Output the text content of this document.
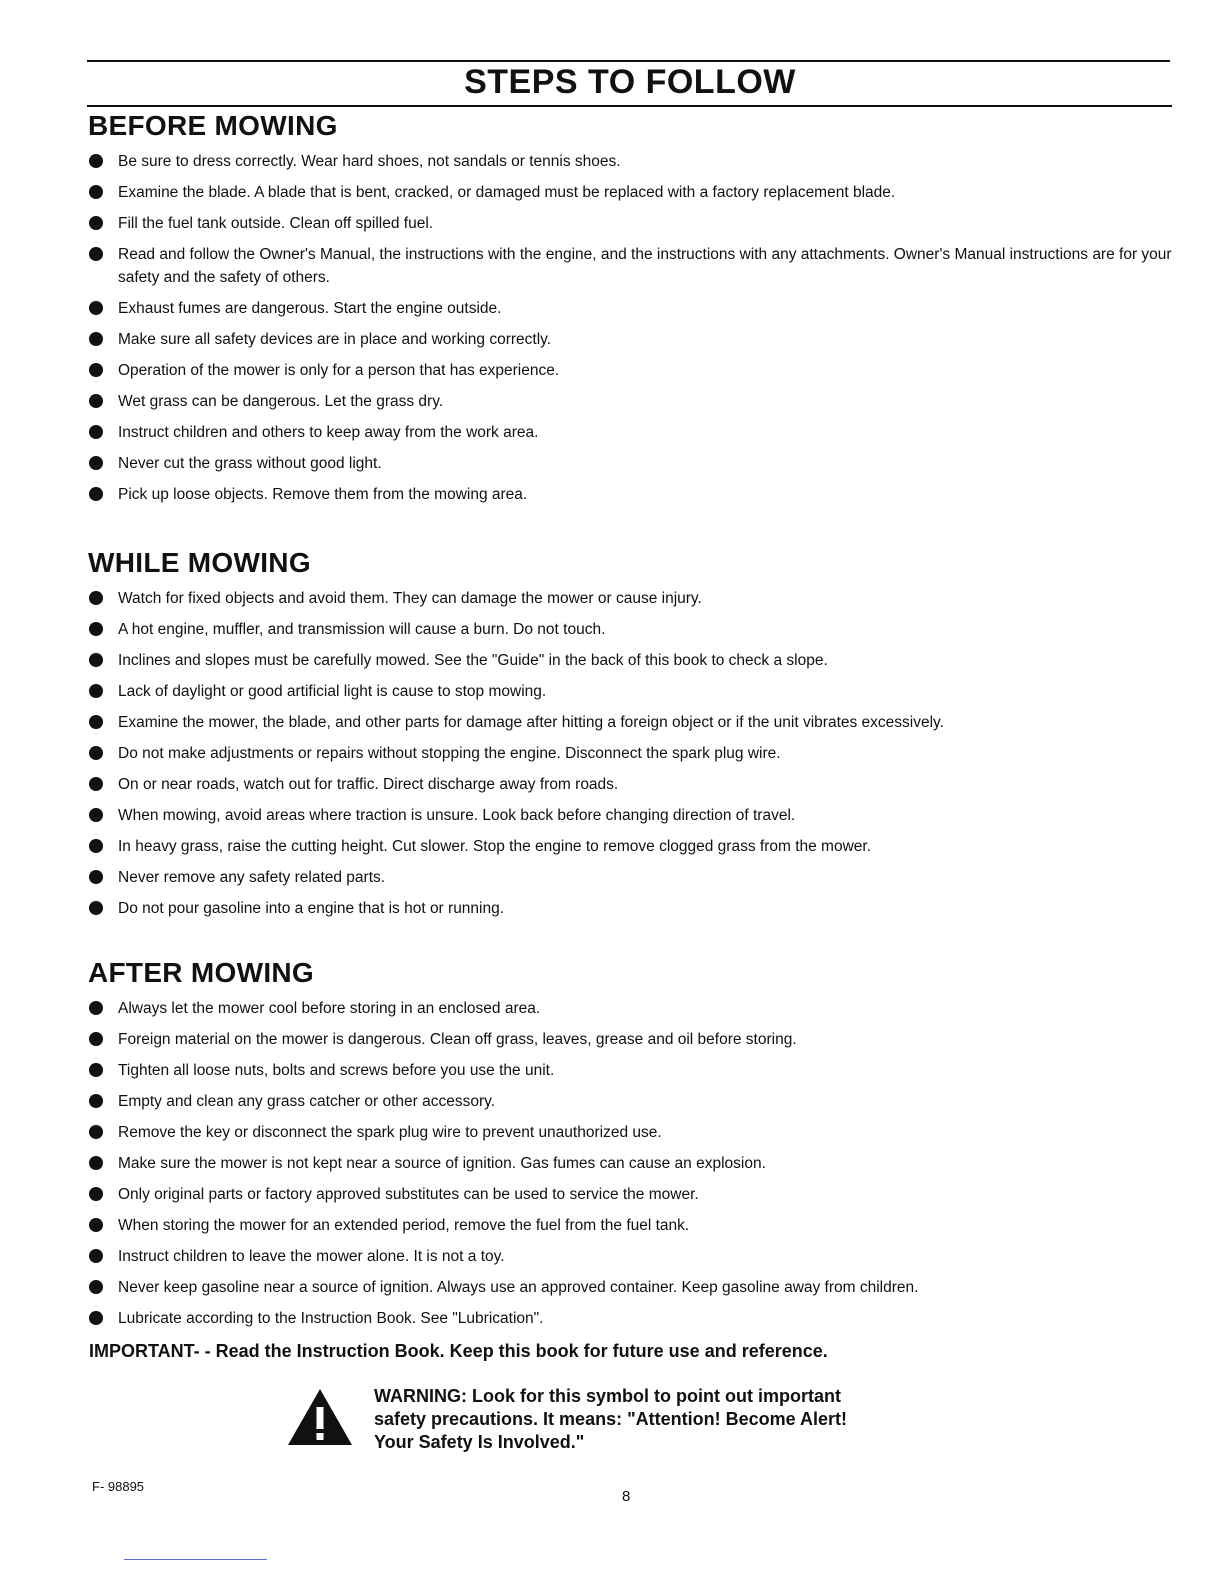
STEPS TO FOLLOW
BEFORE MOWING
Be sure to dress correctly. Wear hard shoes, not sandals or tennis shoes.
Examine the blade. A blade that is bent, cracked, or damaged must be replaced with a factory replacement blade.
Fill the fuel tank outside. Clean off spilled fuel.
Read and follow the Owner's Manual, the instructions with the engine, and the instructions with any attachments. Owner's Manual instructions are for your safety and the safety of others.
Exhaust fumes are dangerous. Start the engine outside.
Make sure all safety devices are in place and working correctly.
Operation of the mower is only for a person that has experience.
Wet grass can be dangerous. Let the grass dry.
Instruct children and others to keep away from the work area.
Never cut the grass without good light.
Pick up loose objects. Remove them from the mowing area.
WHILE MOWING
Watch for fixed objects and avoid them. They can damage the mower or cause injury.
A hot engine, muffler, and transmission will cause a burn. Do not touch.
Inclines and slopes must be carefully mowed. See the "Guide" in the back of this book to check a slope.
Lack of daylight or good artificial light is cause to stop mowing.
Examine the mower, the blade, and other parts for damage after hitting a foreign object or if the unit vibrates excessively.
Do not make adjustments or repairs without stopping the engine. Disconnect the spark plug wire.
On or near roads, watch out for traffic. Direct discharge away from roads.
When mowing, avoid areas where traction is unsure. Look back before changing direction of travel.
In heavy grass, raise the cutting height. Cut slower. Stop the engine to remove clogged grass from the mower.
Never remove any safety related parts.
Do not pour gasoline into a engine that is hot or running.
AFTER MOWING
Always let the mower cool before storing in an enclosed area.
Foreign material on the mower is dangerous. Clean off grass, leaves, grease and oil before storing.
Tighten all loose nuts, bolts and screws before you use the unit.
Empty and clean any grass catcher or other accessory.
Remove the key or disconnect the spark plug wire to prevent unauthorized use.
Make sure the mower is not kept near a source of ignition. Gas fumes can cause an explosion.
Only original parts or factory approved substitutes can be used to service the mower.
When storing the mower for an extended period, remove the fuel from the fuel tank.
Instruct children to leave the mower alone. It is not a toy.
Never keep gasoline near a source of ignition. Always use an approved container. Keep gasoline away from children.
Lubricate according to the Instruction Book. See "Lubrication".
IMPORTANT- - Read the Instruction Book. Keep this book for future use and reference.
WARNING: Look for this symbol to point out important
safety precautions. It means: "Attention! Become Alert!
Your Safety Is Involved."
F- 98895
8
